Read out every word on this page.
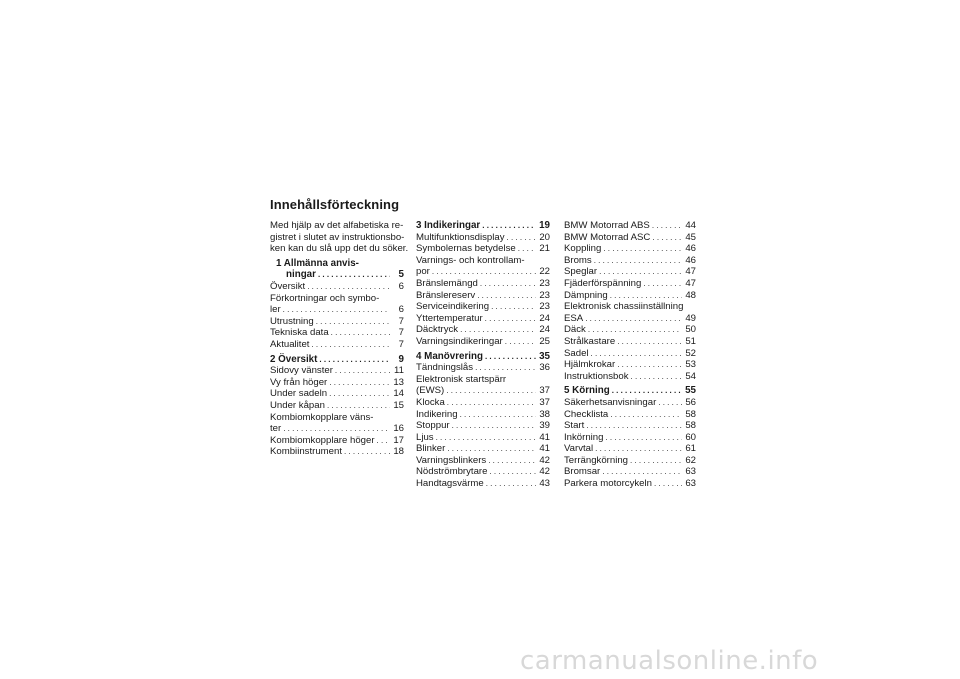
Innehållsförteckning
Med hjälp av det alfabetiska re-
gistret i slutet av instruktionsbo-
ken kan du slå upp det du söker.
1 Allmänna anvis-
ningar . . .	5
Översikt . . .	6
Förkortningar och symbo-
ler . . .	6
Utrustning . . .	7
Tekniska data . . .	7
Aktualitet . . .	7
2 Översikt . . .	9
Sidovy vänster . . .	11
Vy från höger . . .	13
Under sadeln . . .	14
Under kåpan . . .	15
Kombiomkopplare väns-
ter . . .	16
Kombiomkopplare höger . . . 17
Kombiinstrument . . .	18
3 Indikeringar . . .	19
Multifunktionsdisplay . . .	20
Symbolernas betydelse . . . 21
Varnings- och kontrollam-
por . . .	22
Bränslemängd . . .	23
Bränslereserv . . .	23
Serviceindikering . . .	23
Yttertemperatur . . .	24
Däcktryck . . .	24
Varningsindikeringar . . .	25
4 Manövrering . . .	35
Tändningslås . . .	36
Elektronisk startspärr
(EWS) . . .	37
Klocka . . .	37
Indikering . . .	38
Stoppur . . .	39
Ljus . . .	41
Blinker . . .	41
Varningsblinkers . . .	42
Nödströmbrytare . . .	42
Handtagsvärme . . .	43
BMW Motorrad ABS . . .	44
BMW Motorrad ASC . . .	45
Koppling . . .	46
Broms . . .	46
Speglar . . .	47
Fjäderförspänning . . .	47
Dämpning . . .	48
Elektronisk chassiinställning
ESA . . .	49
Däck . . .	50
Strålkastare . . .	51
Sadel . . .	52
Hjälmkrokar . . .	53
Instruktionsbok . . .	54
5 Körning . . .	55
Säkerhetsanvisningar . . .	56
Checklista . . .	58
Start . . .	58
Inkörning . . .	60
Varvtal . . .	61
Terrängkörning . . .	62
Bromsar . . .	63
Parkera motorcykeln . . .	63
carmanualsonline.info
